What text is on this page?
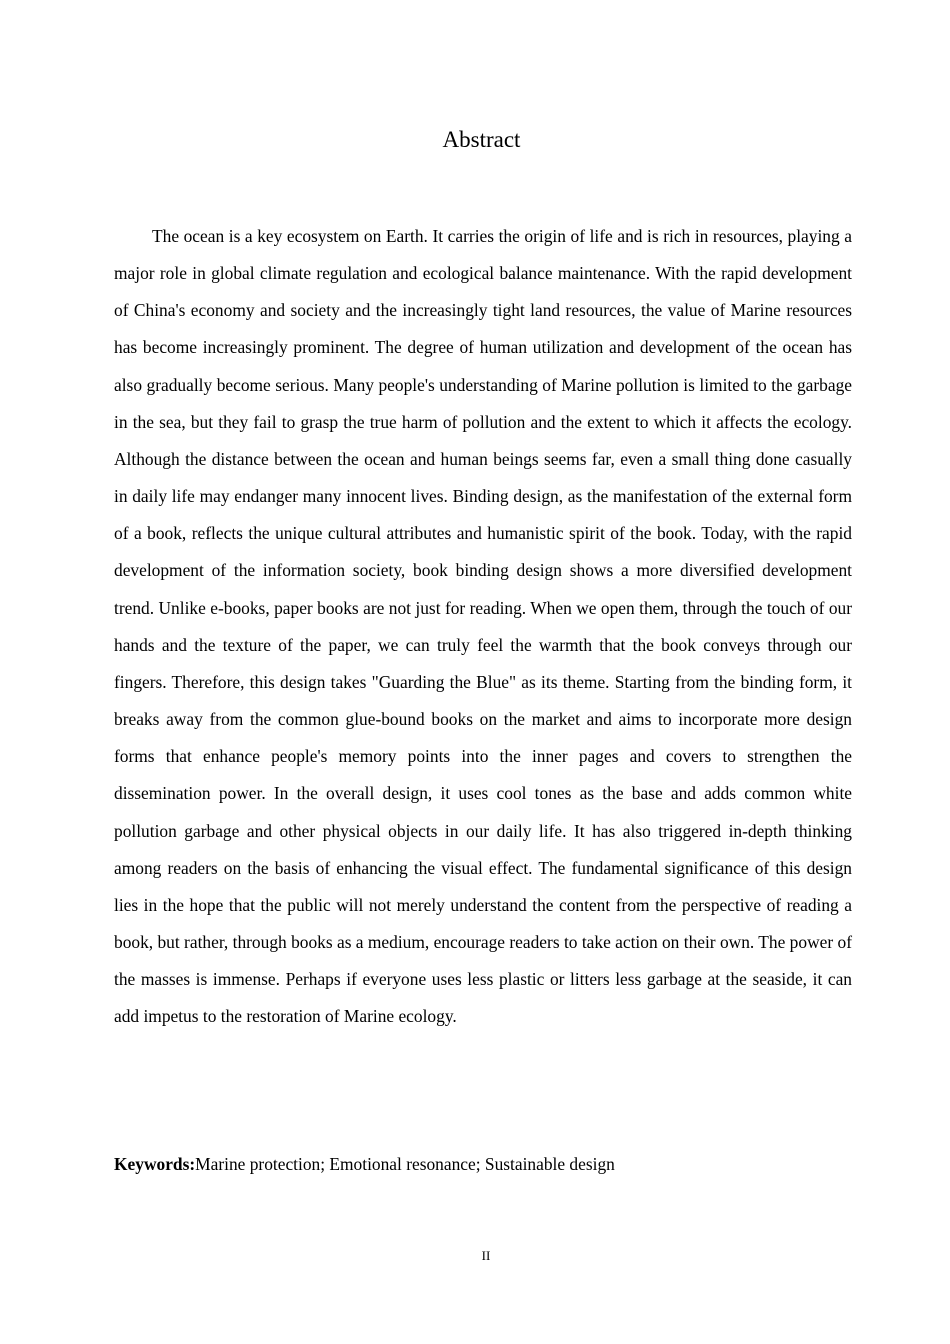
Abstract

The ocean is a key ecosystem on Earth. It carries the origin of life and is rich in resources, playing a major role in global climate regulation and ecological balance maintenance. With the rapid development of China's economy and society and the increasingly tight land resources, the value of Marine resources has become increasingly prominent. The degree of human utilization and development of the ocean has also gradually become serious. Many people's understanding of Marine pollution is limited to the garbage in the sea, but they fail to grasp the true harm of pollution and the extent to which it affects the ecology. Although the distance between the ocean and human beings seems far, even a small thing done casually in daily life may endanger many innocent lives. Binding design, as the manifestation of the external form of a book, reflects the unique cultural attributes and humanistic spirit of the book. Today, with the rapid development of the information society, book binding design shows a more diversified development trend. Unlike e-books, paper books are not just for reading. When we open them, through the touch of our hands and the texture of the paper, we can truly feel the warmth that the book conveys through our fingers. Therefore, this design takes "Guarding the Blue" as its theme. Starting from the binding form, it breaks away from the common glue-bound books on the market and aims to incorporate more design forms that enhance people's memory points into the inner pages and covers to strengthen the dissemination power. In the overall design, it uses cool tones as the base and adds common white pollution garbage and other physical objects in our daily life. It has also triggered in-depth thinking among readers on the basis of enhancing the visual effect. The fundamental significance of this design lies in the hope that the public will not merely understand the content from the perspective of reading a book, but rather, through books as a medium, encourage readers to take action on their own. The power of the masses is immense. Perhaps if everyone uses less plastic or litters less garbage at the seaside, it can add impetus to the restoration of Marine ecology.

Keywords:Marine protection; Emotional resonance; Sustainable design

II
